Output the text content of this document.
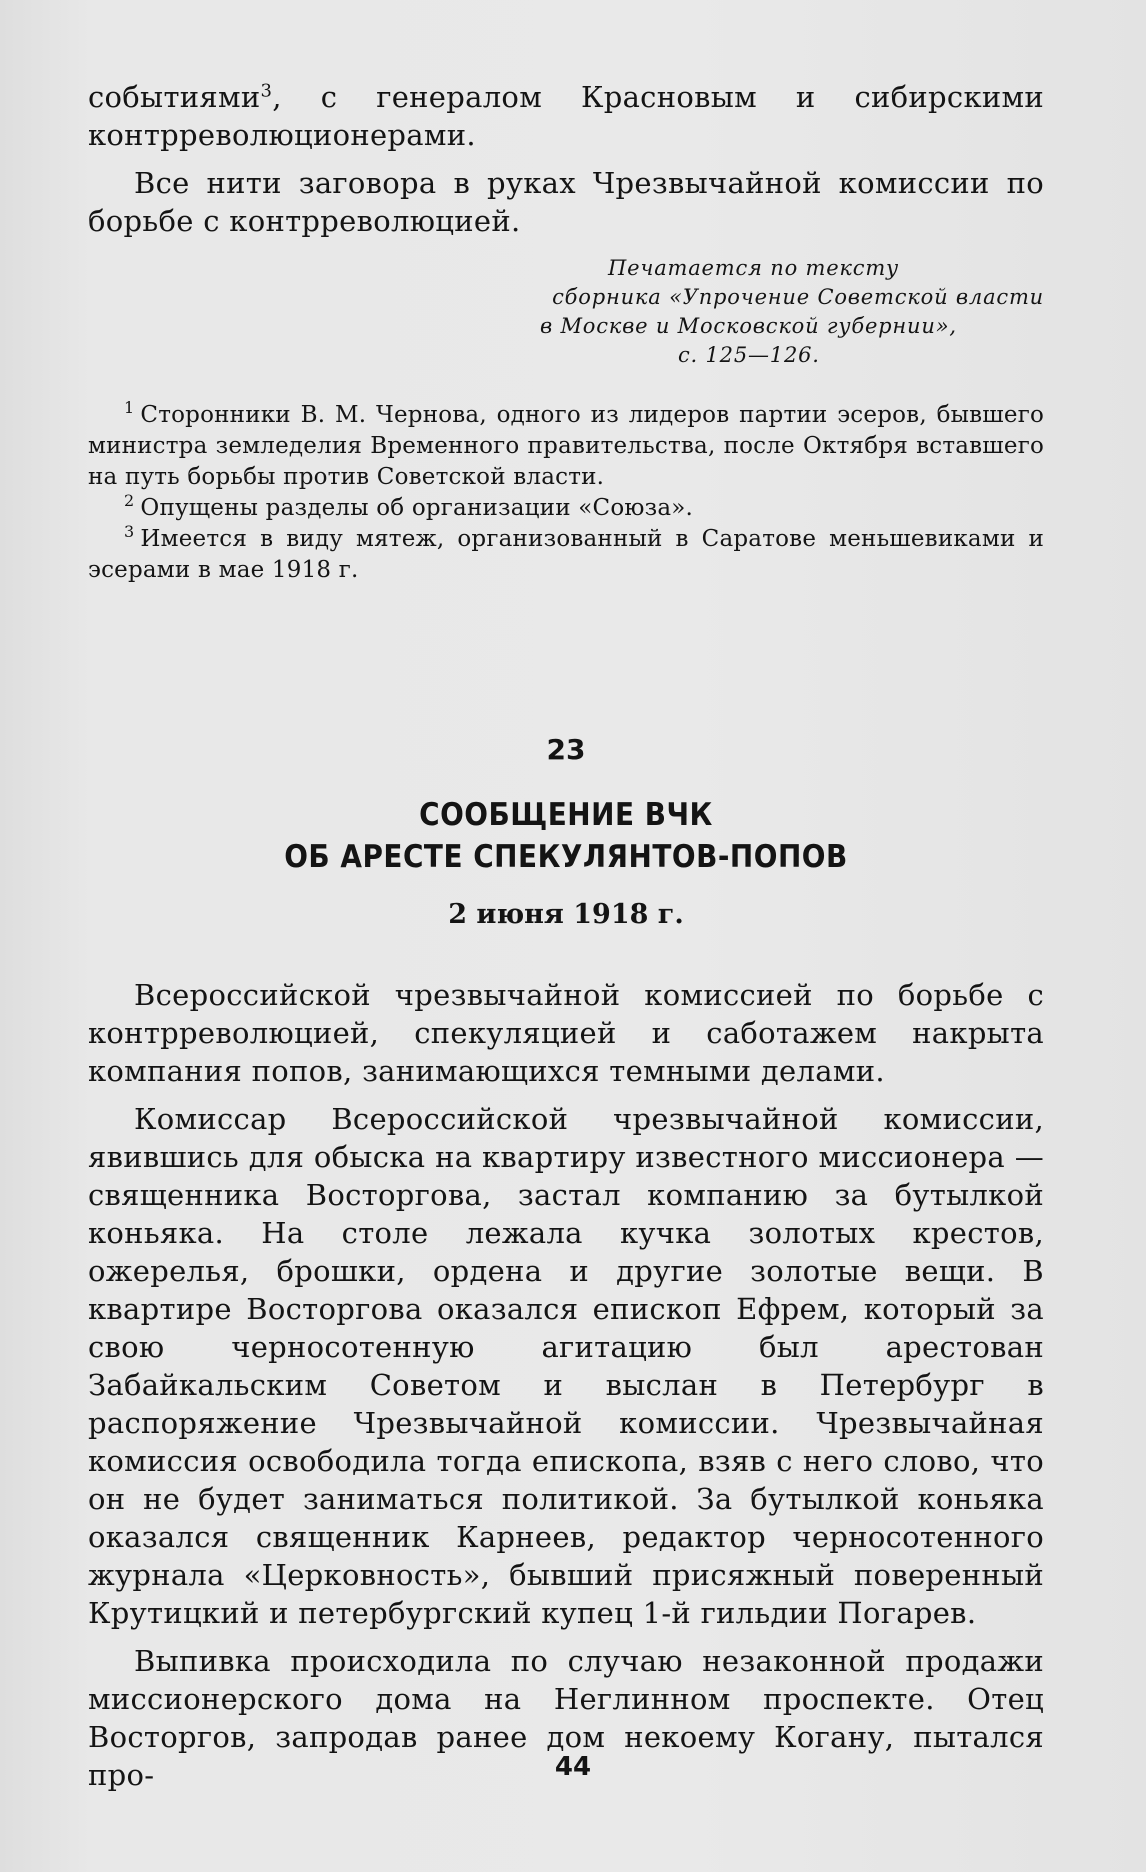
событиями$^3$, с генералом Красновым и сибирскими контрреволюционерами.

Все нити заговора в руках Чрезвычайной комиссии по борьбе с контрреволюцией.

Печатается по тексту
сборника «Упрочение Советской власти
в Москве и Московской губернии»,
с. 125—126.

$^1$ Сторонники В. М. Чернова, одного из лидеров партии эсеров, бывшего министра земледелия Временного правительства, после Октября вставшего на путь борьбы против Советской власти.

$^2$ Опущены разделы об организации «Союза».

$^3$ Имеется в виду мятеж, организованный в Саратове меньшевиками и эсерами в мае 1918 г.

23
СООБЩЕНИЕ ВЧК
ОБ АРЕСТЕ СПЕКУЛЯНТОВ-ПОПОВ
2 июня 1918 г.

Всероссийской чрезвычайной комиссией по борьбе с контрреволюцией, спекуляцией и саботажем накрыта компания попов, занимающихся темными делами.

Комиссар Всероссийской чрезвычайной комиссии, явившись для обыска на квартиру известного миссионера — священника Восторгова, застал компанию за бутылкой коньяка. На столе лежала кучка золотых крестов, ожерелья, брошки, ордена и другие золотые вещи. В квартире Восторгова оказался епископ Ефрем, который за свою черносотенную агитацию был арестован Забайкальским Советом и выслан в Петербург в распоряжение Чрезвычайной комиссии. Чрезвычайная комиссия освободила тогда епископа, взяв с него слово, что он не будет заниматься политикой. За бутылкой коньяка оказался священник Карнеев, редактор черносотенного журнала «Церковность», бывший присяжный поверенный Крутицкий и петербургский купец 1-й гильдии Погарев.

Выпивка происходила по случаю незаконной продажи миссионерского дома на Неглинном проспекте. Отец Восторгов, запродав ранее дом некоему Когану, пытался про-	44
